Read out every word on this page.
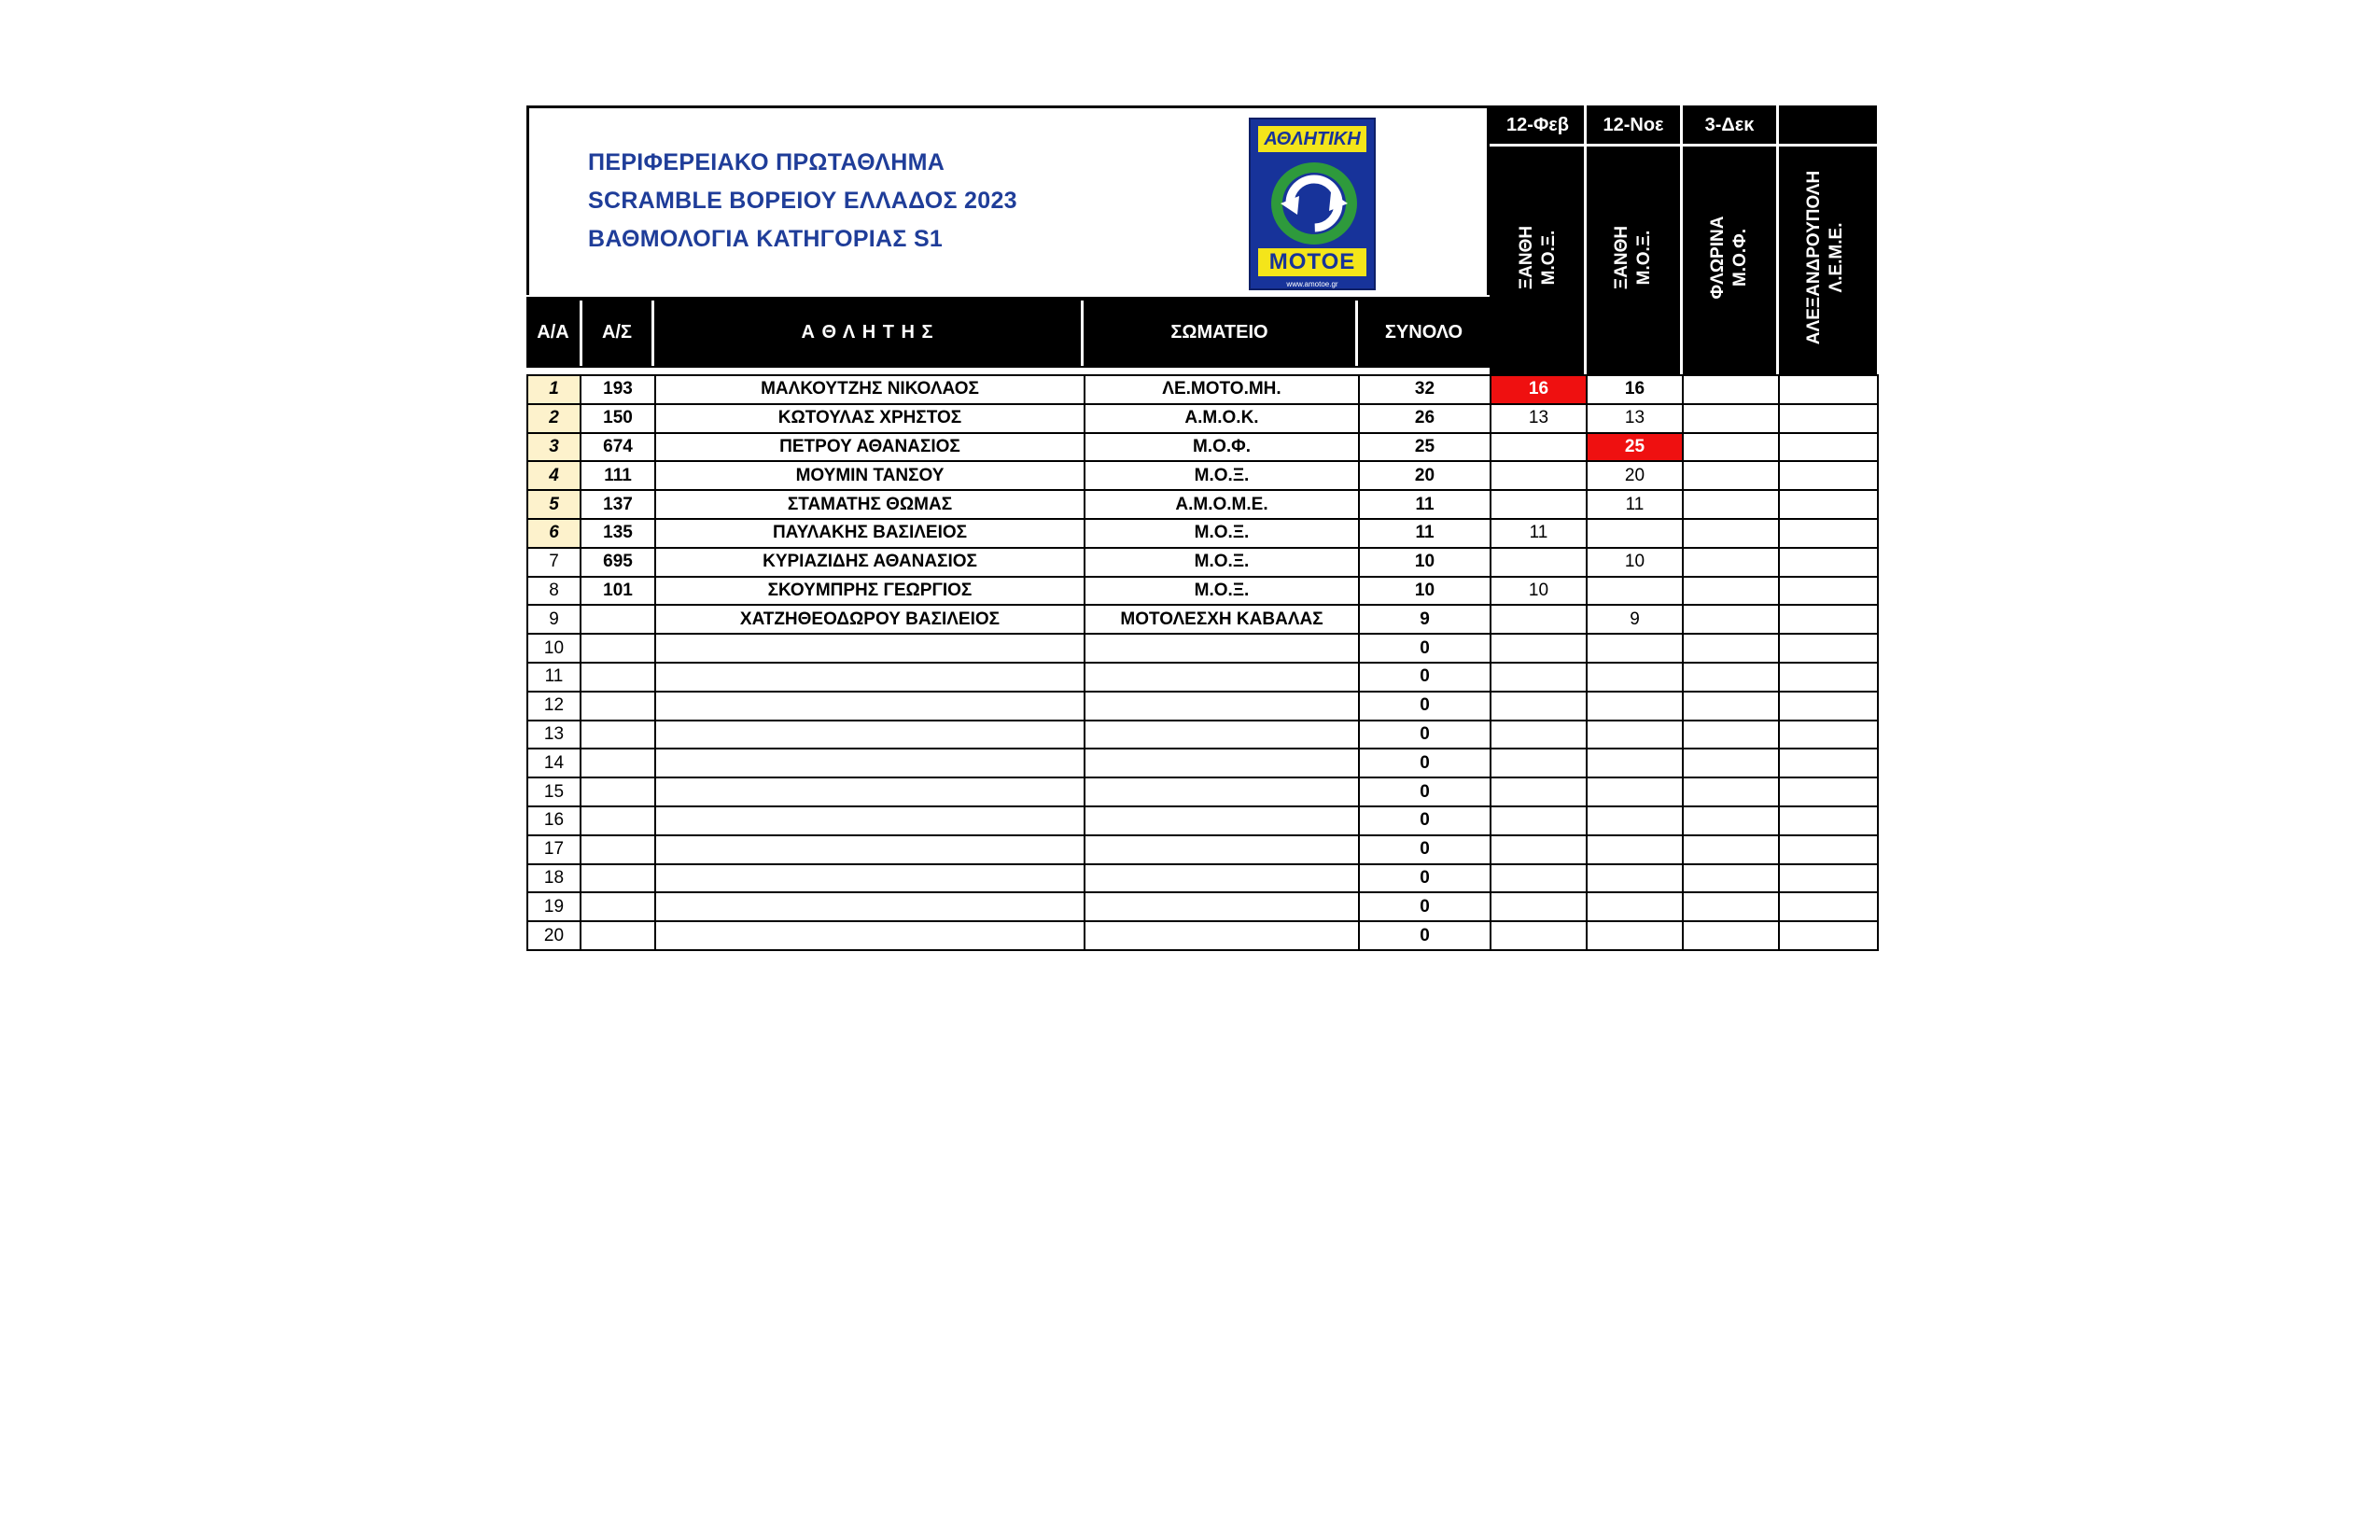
ΠΕΡΙΦΕΡΕΙΑΚΟ ΠΡΩΤΑΘΛΗΜΑ
SCRAMBLE ΒΟΡΕΙΟΥ ΕΛΛΑΔΟΣ 2023
ΒΑΘΜΟΛΟΓΙΑ ΚΑΤΗΓΟΡΙΑΣ S1
ΑΘΛΗΤΙΚΗ
ΜΟΤΟΕ
www.amotoe.gr
12-Φεβ	12-Νοε	3-Δεκ
ΞΑΝΘΗ Μ.Ο.Ξ.	ΞΑΝΘΗ Μ.Ο.Ξ.	ΦΛΩΡΙΝΑ Μ.Ο.Φ.	ΑΛΕΞΑΝΔΡΟΥΠΟΛΗ Λ.Ε.Μ.Ε.
Α/Α	Α/Σ	Α Θ Λ Η Τ Η Σ	ΣΩΜΑΤΕΙΟ	ΣΥΝΟΛΟ
1	193	ΜΑΛΚΟΥΤΖΗΣ ΝΙΚΟΛΑΟΣ	ΛΕ.ΜΟΤΟ.ΜΗ.	32	16	16		
2	150	ΚΩΤΟΥΛΑΣ ΧΡΗΣΤΟΣ	Α.Μ.Ο.Κ.	26	13	13		
3	674	ΠΕΤΡΟΥ ΑΘΑΝΑΣΙΟΣ	Μ.Ο.Φ.	25		25		
4	111	ΜΟΥΜΙΝ ΤΑΝΣΟΥ	Μ.Ο.Ξ.	20		20		
5	137	ΣΤΑΜΑΤΗΣ ΘΩΜΑΣ	Α.Μ.Ο.Μ.Ε.	11		11		
6	135	ΠΑΥΛΑΚΗΣ ΒΑΣΙΛΕΙΟΣ	Μ.Ο.Ξ.	11	11			
7	695	ΚΥΡΙΑΖΙΔΗΣ ΑΘΑΝΑΣΙΟΣ	Μ.Ο.Ξ.	10		10		
8	101	ΣΚΟΥΜΠΡΗΣ ΓΕΩΡΓΙΟΣ	Μ.Ο.Ξ.	10	10			
9		ΧΑΤΖΗΘΕΟΔΩΡΟΥ ΒΑΣΙΛΕΙΟΣ	ΜΟΤΟΛΕΣΧΗ ΚΑΒΑΛΑΣ	9		9		
10				0				
11				0				
12				0				
13				0				
14				0				
15				0				
16				0				
17				0				
18				0				
19				0				
20				0				
